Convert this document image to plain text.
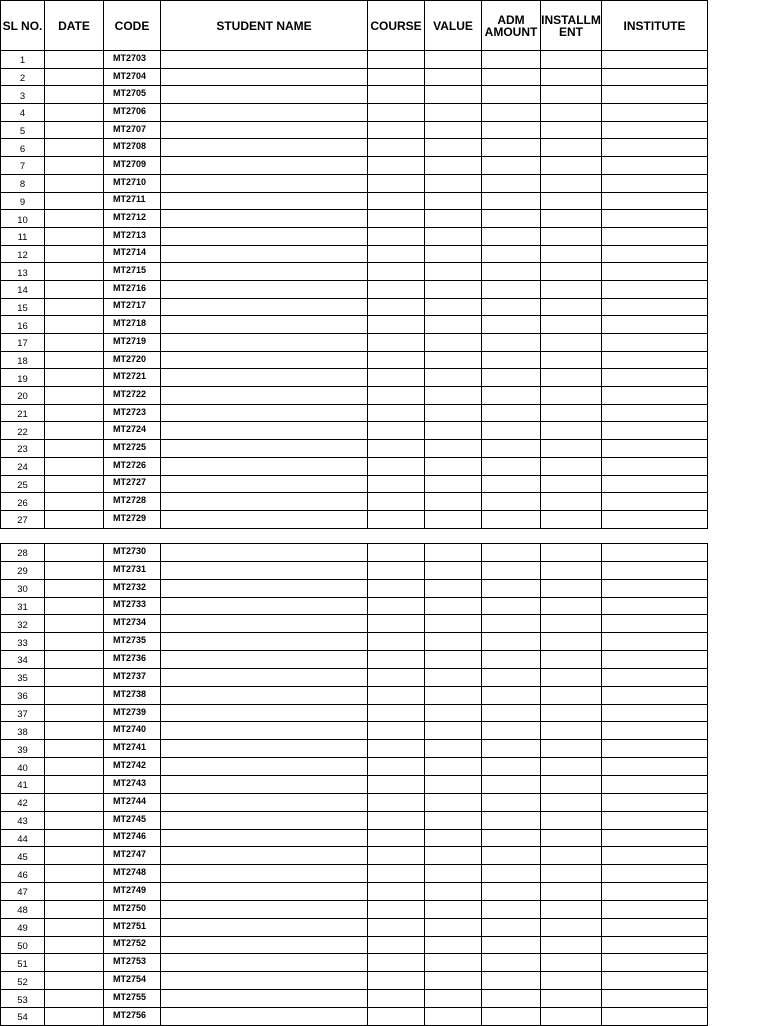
SL NO.	DATE	CODE	STUDENT NAME	COURSE	VALUE	ADM AMOUNT	INSTALLM ENT	INSTITUTE
1		MT2703						
2		MT2704						
3		MT2705						
4		MT2706						
5		MT2707						
6		MT2708						
7		MT2709						
8		MT2710						
9		MT2711						
10		MT2712						
11		MT2713						
12		MT2714						
13		MT2715						
14		MT2716						
15		MT2717						
16		MT2718						
17		MT2719						
18		MT2720						
19		MT2721						
20		MT2722						
21		MT2723						
22		MT2724						
23		MT2725						
24		MT2726						
25		MT2727						
26		MT2728						
27		MT2729						
28		MT2730						
29		MT2731						
30		MT2732						
31		MT2733						
32		MT2734						
33		MT2735						
34		MT2736						
35		MT2737						
36		MT2738						
37		MT2739						
38		MT2740						
39		MT2741						
40		MT2742						
41		MT2743						
42		MT2744						
43		MT2745						
44		MT2746						
45		MT2747						
46		MT2748						
47		MT2749						
48		MT2750						
49		MT2751						
50		MT2752						
51		MT2753						
52		MT2754						
53		MT2755						
54		MT2756						
